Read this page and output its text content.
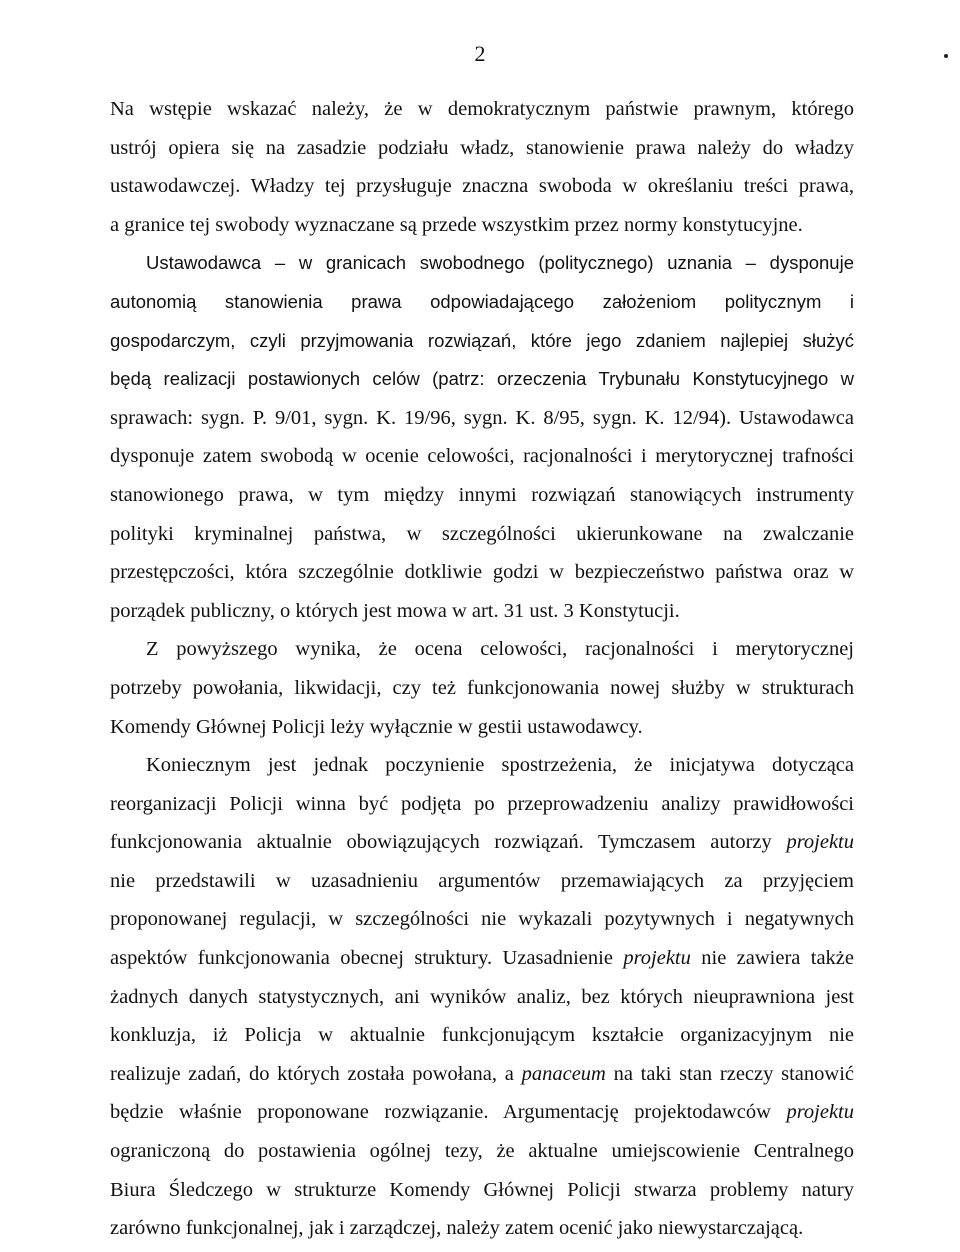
2
Na wstępie wskazać należy, że w demokratycznym państwie prawnym, którego
ustrój opiera się na zasadzie podziału władz, stanowienie prawa należy do władzy
ustawodawczej. Władzy tej przysługuje znaczna swoboda w określaniu treści prawa,
a granice tej swobody wyznaczane są przede wszystkim przez normy konstytucyjne.
Ustawodawca – w granicach swobodnego (politycznego) uznania – dysponuje
autonomią stanowienia prawa odpowiadającego założeniom politycznym i
gospodarczym, czyli przyjmowania rozwiązań, które jego zdaniem najlepiej służyć
będą realizacji postawionych celów (patrz: orzeczenia Trybunału Konstytucyjnego w
sprawach: sygn. P. 9/01, sygn. K. 19/96, sygn. K. 8/95, sygn. K. 12/94). Ustawodawca
dysponuje zatem swobodą w ocenie celowości, racjonalności i merytorycznej trafności
stanowionego prawa, w tym między innymi rozwiązań stanowiących instrumenty
polityki kryminalnej państwa, w szczególności ukierunkowane na zwalczanie
przestępczości, która szczególnie dotkliwie godzi w bezpieczeństwo państwa oraz w
porządek publiczny, o których jest mowa w art. 31 ust. 3 Konstytucji.
Z powyższego wynika, że ocena celowości, racjonalności i merytorycznej
potrzeby powołania, likwidacji, czy też funkcjonowania nowej służby w strukturach
Komendy Głównej Policji leży wyłącznie w gestii ustawodawcy.
Koniecznym jest jednak poczynienie spostrzeżenia, że inicjatywa dotycząca
reorganizacji Policji winna być podjęta po przeprowadzeniu analizy prawidłowości
funkcjonowania aktualnie obowiązujących rozwiązań. Tymczasem autorzy projektu
nie przedstawili w uzasadnieniu argumentów przemawiających za przyjęciem
proponowanej regulacji, w szczególności nie wykazali pozytywnych i negatywnych
aspektów funkcjonowania obecnej struktury. Uzasadnienie projektu nie zawiera także
żadnych danych statystycznych, ani wyników analiz, bez których nieuprawniona jest
konkluzja, iż Policja w aktualnie funkcjonującym kształcie organizacyjnym nie
realizuje zadań, do których została powołana, a panaceum na taki stan rzeczy stanowić
będzie właśnie proponowane rozwiązanie. Argumentację projektodawców projektu
ograniczoną do postawienia ogólnej tezy, że aktualne umiejscowienie Centralnego
Biura Śledczego w strukturze Komendy Głównej Policji stwarza problemy natury
zarówno funkcjonalnej, jak i zarządczej, należy zatem ocenić jako niewystarczającą.
